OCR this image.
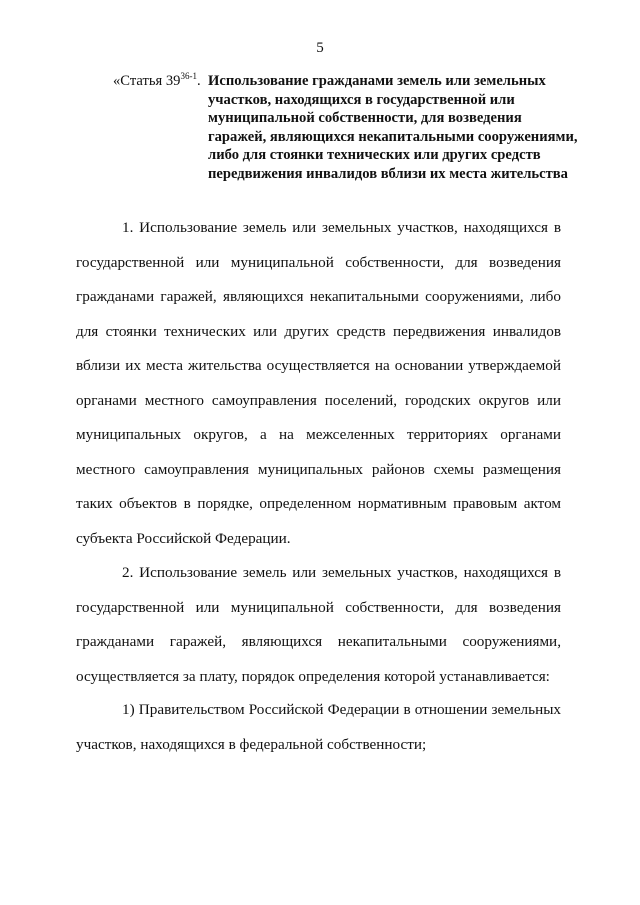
5
«Статья 39$^{36-1}$. Использование гражданами земель или земельных участков, находящихся в государственной или муниципальной собственности, для возведения гаражей, являющихся некапитальными сооружениями, либо для стоянки технических или других средств передвижения инвалидов вблизи их места жительства

1. Использование земель или земельных участков, находящихся в государственной или муниципальной собственности, для возведения гражданами гаражей, являющихся некапитальными сооружениями, либо для стоянки технических или других средств передвижения инвалидов вблизи их места жительства осуществляется на основании утверждаемой органами местного самоуправления поселений, городских округов или муниципальных округов, а на межселенных территориях органами местного самоуправления муниципальных районов схемы размещения таких объектов в порядке, определенном нормативным правовым актом субъекта Российской Федерации.

2. Использование земель или земельных участков, находящихся в государственной или муниципальной собственности, для возведения гражданами гаражей, являющихся некапитальными сооружениями, осуществляется за плату, порядок определения которой устанавливается:

1) Правительством Российской Федерации в отношении земельных участков, находящихся в федеральной собственности;
